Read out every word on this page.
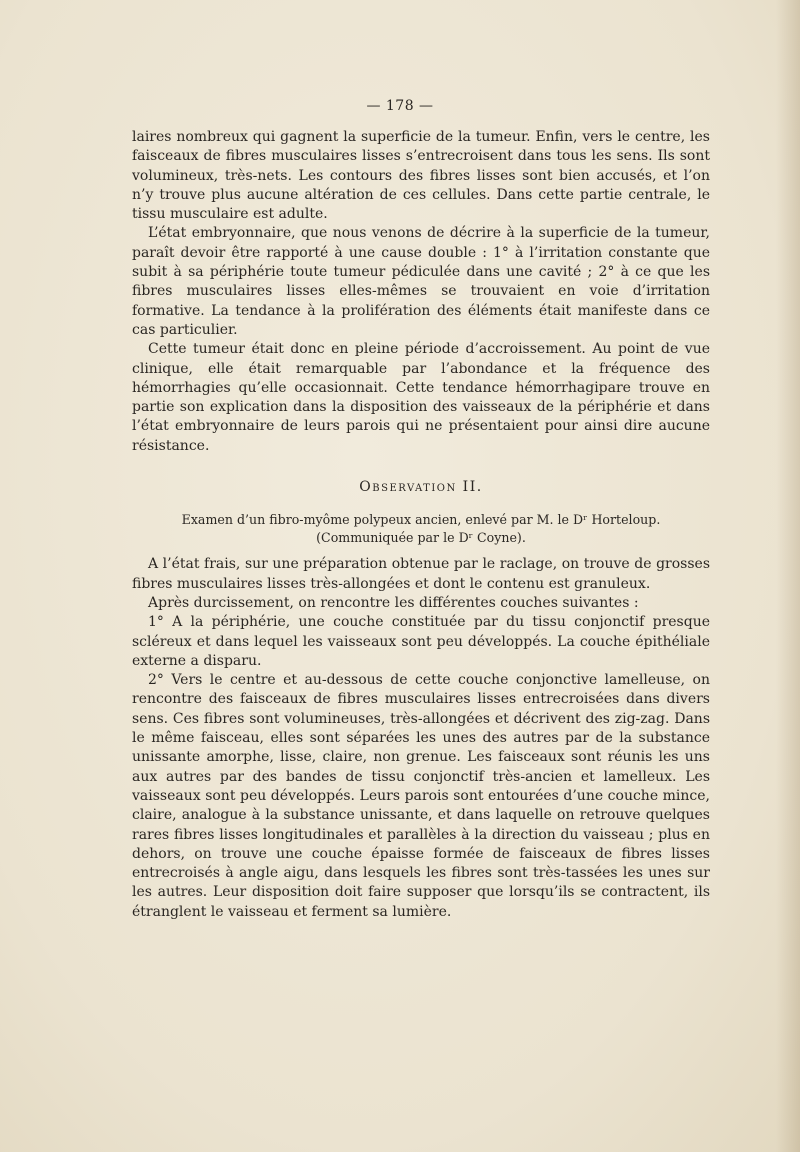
— 178 —

laires nombreux qui gagnent la superficie de la tumeur. Enfin, vers le centre, les faisceaux de fibres musculaires lisses s’entrecroisent dans tous les sens. Ils sont volumineux, très-nets. Les contours des fibres lisses sont bien accusés, et l’on n’y trouve plus aucune altération de ces cellules. Dans cette partie centrale, le tissu musculaire est adulte.

L’état embryonnaire, que nous venons de décrire à la superficie de la tumeur, paraît devoir être rapporté à une cause double : 1° à l’irritation constante que subit à sa périphérie toute tumeur pédiculée dans une cavité ; 2° à ce que les fibres musculaires lisses elles-mêmes se trouvaient en voie d’irritation formative. La tendance à la prolifération des éléments était manifeste dans ce cas particulier.

Cette tumeur était donc en pleine période d’accroissement. Au point de vue clinique, elle était remarquable par l’abondance et la fréquence des hémorrhagies qu’elle occasionnait. Cette tendance hémorrhagipare trouve en partie son explication dans la disposition des vaisseaux de la périphérie et dans l’état embryonnaire de leurs parois qui ne présentaient pour ainsi dire aucune résistance.

Observation II.
Examen d’un fibro-myôme polypeux ancien, enlevé par M. le Dʳ Horteloup.
(Communiquée par le Dʳ Coyne).

A l’état frais, sur une préparation obtenue par le raclage, on trouve de grosses fibres musculaires lisses très-allongées et dont le contenu est granuleux.

Après durcissement, on rencontre les différentes couches suivantes :

1° A la périphérie, une couche constituée par du tissu conjonctif presque scléreux et dans lequel les vaisseaux sont peu développés. La couche épithéliale externe a disparu.

2° Vers le centre et au-dessous de cette couche conjonctive lamelleuse, on rencontre des faisceaux de fibres musculaires lisses entrecroisées dans divers sens. Ces fibres sont volumineuses, très-allongées et décrivent des zig-zag. Dans le même faisceau, elles sont séparées les unes des autres par de la substance unissante amorphe, lisse, claire, non grenue. Les faisceaux sont réunis les uns aux autres par des bandes de tissu conjonctif très-ancien et lamelleux. Les vaisseaux sont peu développés. Leurs parois sont entourées d’une couche mince, claire, analogue à la substance unissante, et dans laquelle on retrouve quelques rares fibres lisses longitudinales et parallèles à la direction du vaisseau ; plus en dehors, on trouve une couche épaisse formée de faisceaux de fibres lisses entrecroisés à angle aigu, dans lesquels les fibres sont très-tassées les unes sur les autres. Leur disposition doit faire supposer que lorsqu’ils se contractent, ils étranglent le vaisseau et ferment sa lumière.
